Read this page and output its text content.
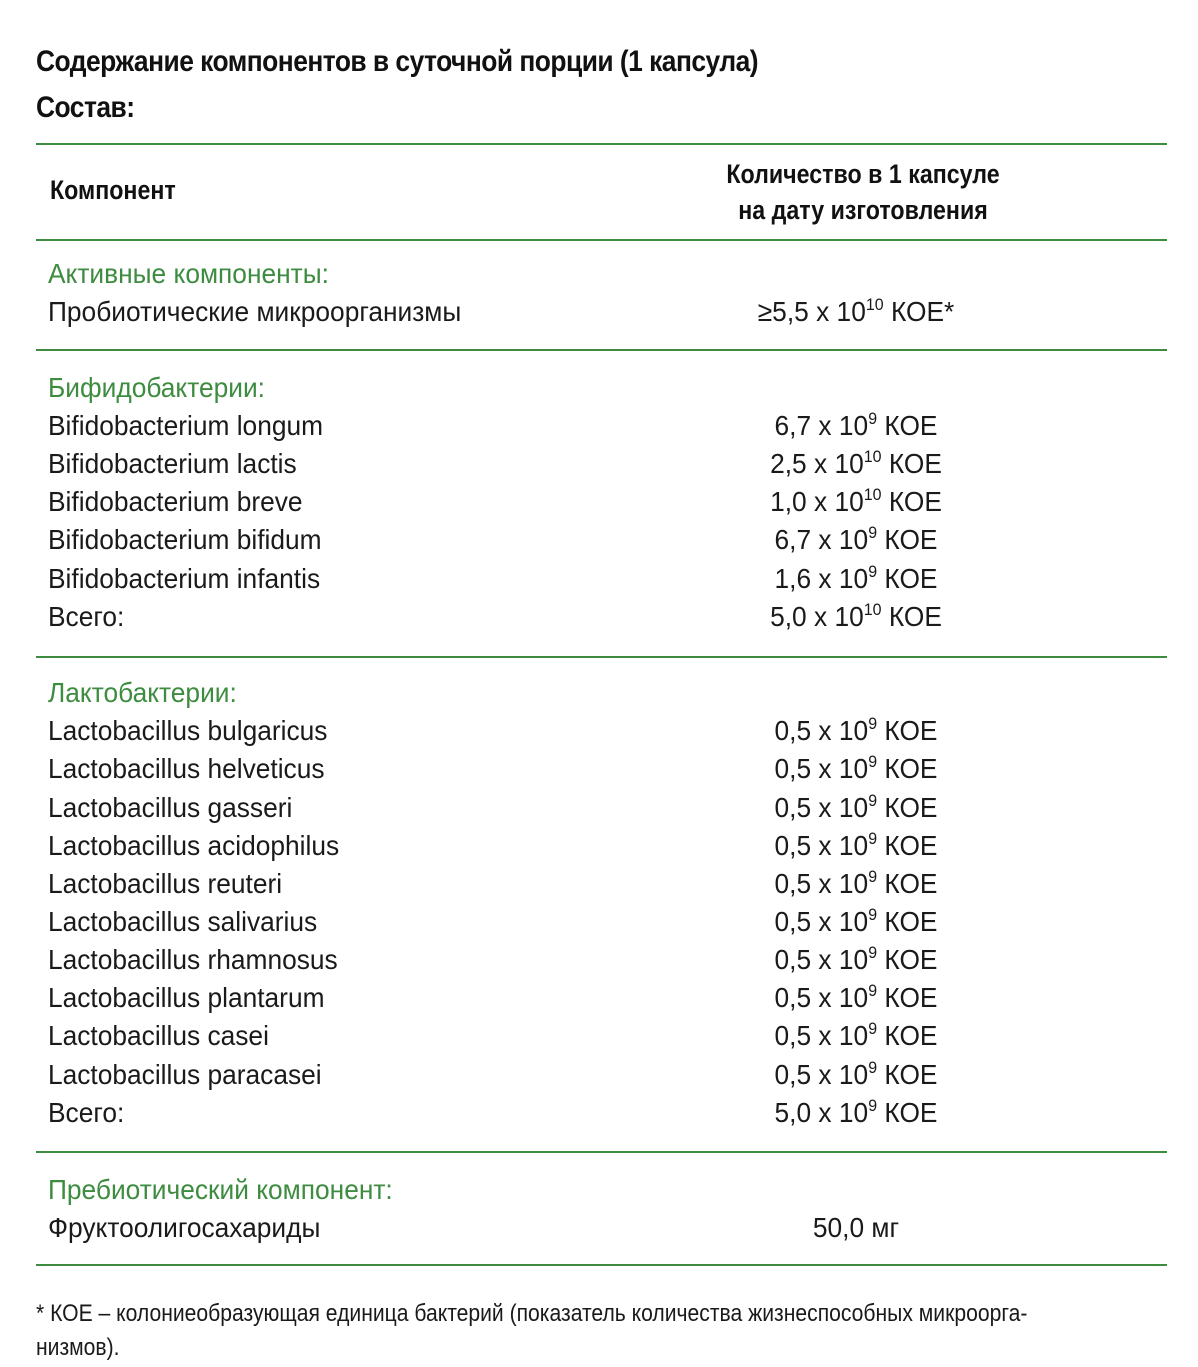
Содержание компонентов в суточной порции (1 капсула)
Состав:
Компонент
Количество в 1 капсуле
на дату изготовления
Активные компоненты:
Пробиотические микроорганизмы	≥5,5 х $10^{10}$ КОЕ*
Бифидобактерии:
Bifidobacterium longum	6,7 х $10^9$ КОЕ
Bifidobacterium lactis	2,5 х $10^{10}$ КОЕ
Bifidobacterium breve	1,0 х $10^{10}$ КОЕ
Bifidobacterium bifidum	6,7 х $10^9$ КОЕ
Bifidobacterium infantis	1,6 х $10^9$ КОЕ
Всего:	5,0 х $10^{10}$ КОЕ
Лактобактерии:
Lactobacillus bulgaricus	0,5 х $10^9$ КОЕ
Lactobacillus helveticus	0,5 х $10^9$ КОЕ
Lactobacillus gasseri	0,5 х $10^9$ КОЕ
Lactobacillus acidophilus	0,5 х $10^9$ КОЕ
Lactobacillus reuteri	0,5 х $10^9$ КОЕ
Lactobacillus salivarius	0,5 х $10^9$ КОЕ
Lactobacillus rhamnosus	0,5 х $10^9$ КОЕ
Lactobacillus plantarum	0,5 х $10^9$ КОЕ
Lactobacillus casei	0,5 х $10^9$ КОЕ
Lactobacillus paracasei	0,5 х $10^9$ КОЕ
Всего:	5,0 х $10^9$ КОЕ
Пребиотический компонент:
Фруктоолигосахариды	50,0 мг
* КОЕ – колониеобразующая единица бактерий (показатель количества жизнеспособных микроорга-
низмов).
